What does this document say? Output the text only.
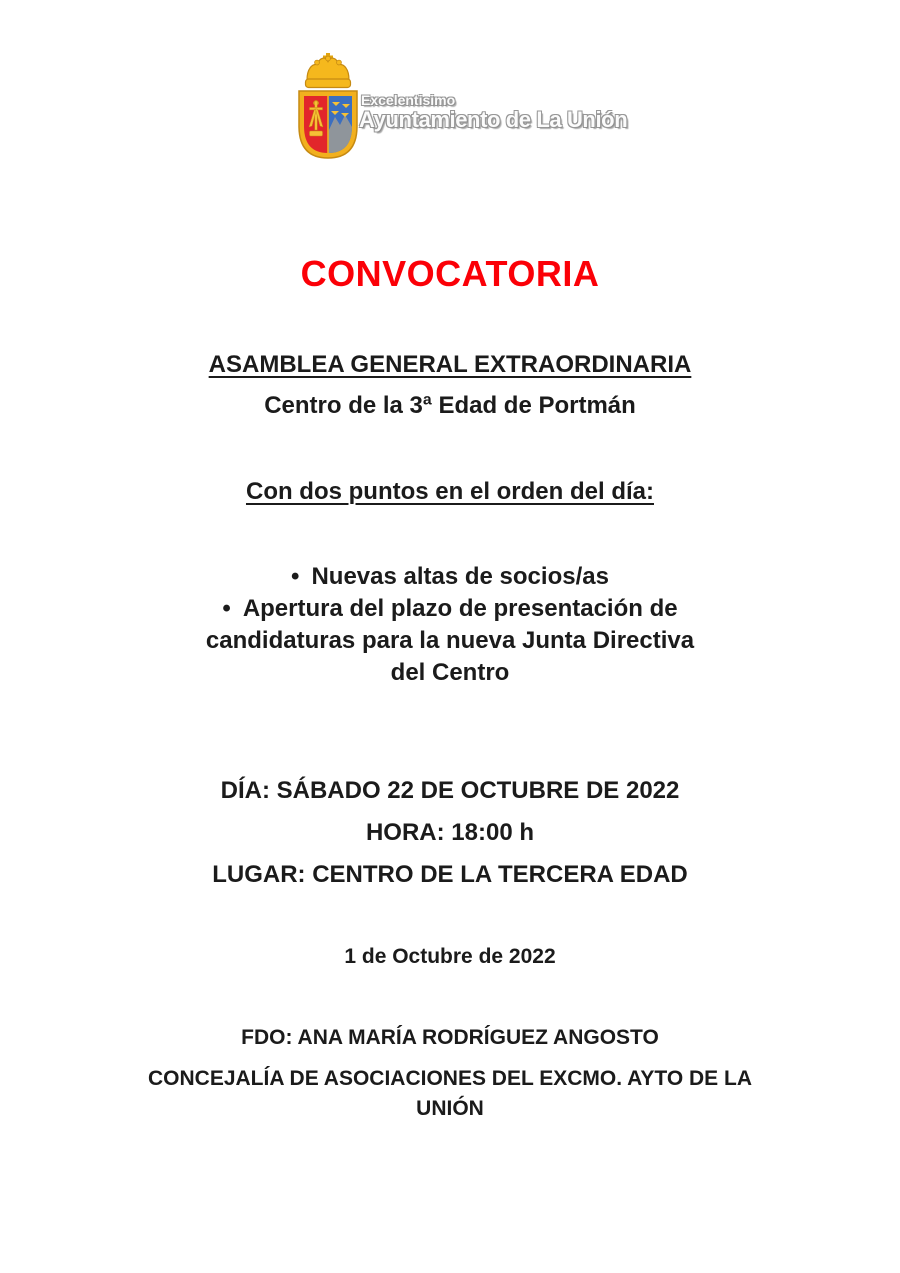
Excelentisimo
Ayuntamiento de La Unión
CONVOCATORIA
ASAMBLEA GENERAL EXTRAORDINARIA
Centro de la 3ª Edad de Portmán
Con dos puntos en el orden del día:
• Nuevas altas de socios/as
• Apertura del plazo de presentación de candidaturas para la nueva Junta Directiva del Centro
DÍA: SÁBADO 22 DE OCTUBRE DE 2022
HORA: 18:00 h
LUGAR: CENTRO DE LA TERCERA EDAD
1 de Octubre de 2022
FDO: ANA MARÍA RODRÍGUEZ ANGOSTO
CONCEJALÍA DE ASOCIACIONES DEL EXCMO. AYTO DE LA UNIÓN
